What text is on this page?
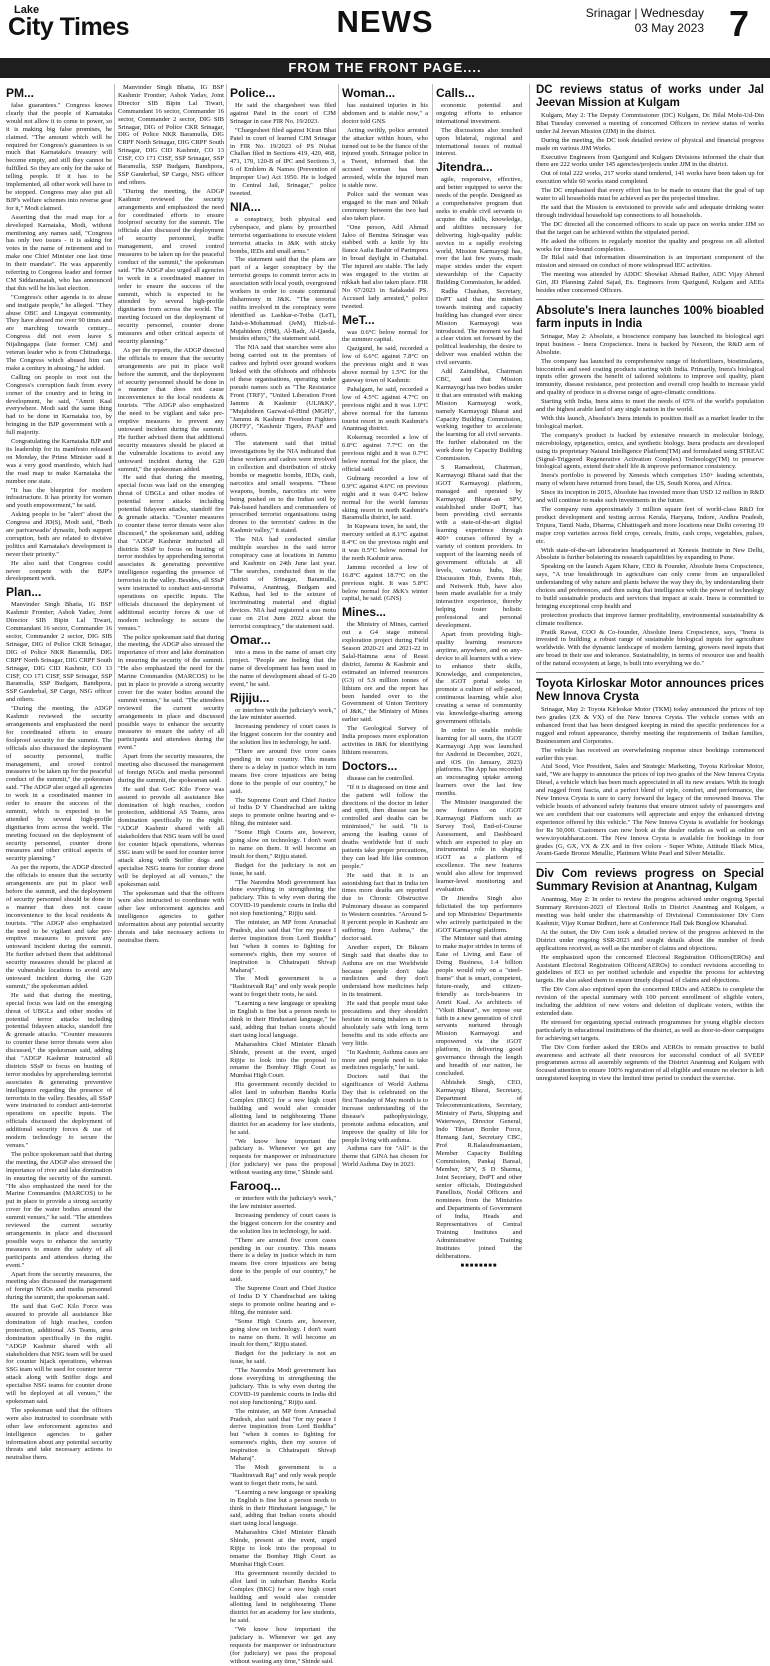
Lake
City Times	NEWS	Srinagar | Wednesday
03 May 2023 7
FROM THE FRONT PAGE....
PM...

false guarantees." Congress knows clearly that the people of Karnataka would not allow it to come to power, so it is making big false promises, he claimed. "The amount which will be required for Congress's guarantees is so much that Karnataka's treasury will become empty, and still they cannot be fulfilled. So they are only for the sake of telling people. If it has to be implemented, all other work will have to be stopped. Congress may also put all BJP's welfare schemes into reverse gear for it," Modi claimed.

Asserting that the road map for a developed Karnataka, Modi, without mentioning any names said, "Congress has only two issues - it is asking for votes in the name of retirement and to make one Chief Minister one last time in their mandate". He was apparently referring to Congress leader and former CM Siddaramaiah, who has announced that this will be his last election.

"Congress's other agenda is to abuse and instigate people," he alleged. "They abuse OBC and Lingayat community. They have abused me over 90 times and are marching towards century... Congress did not even leave S Nijalingappa (late former CM) and veteran leader who is from Chitradurga. The Congress which abused him can make a century in abusing," he added.

Calling on people to root out the Congress's corruption fault from every corner of the country and to bring in development, he said, "Amrit Kaal everywhere. Modi said the same thing had to be done in Karnataka too, by bringing in the BJP government with a full majority.

Congratulating the Karnataka BJP and its leadership for its manifesto released on Monday, the Prime Minister said it was a very good manifesto, which had the road map to make Karnataka the number one state.

"It has the blueprint for modern infrastructure. It has priority for women and youth empowerment," he said.

Asking people to be "alert" about the Congress and JD(S), Modi said, "Both are parivarwadis' dynastic, both support corruption, both are related to divisive politics and Karnataka's development is never their priority."

He also said that Congress could never compete with the BJP's development work.

Plan...

Manvinder Singh Bhatia, IG BSF Kashmir Frontier; Ashok Yadav, Joint Director SIB Bipin Lal Tiwari, Commandant 16 sector, Commander 16 sector, Commander 2 sector, DIG SIB Srinagar, DIG of Police CKR Srinagar, DIG of Police NKR Baramulla, DIG CRPF North Srinagar, DIG CRPF South Srinagar, DIG CID Kashmir, CO 13 CISF, CO 171 CISF, SSP Srinagar, SSP Baramulla, SSP Budgam, Bandipora, SSP Ganderbal, SP Cargo, NSG officer and others.

"During the meeting, the ADGP Kashmir reviewed the security arrangements and emphasized the need for coordinated efforts to ensure foolproof security for the summit. The officials also discussed the deployment of security personnel, traffic management, and crowd control measures to be taken up for the peaceful conduct of the summit," the spokesman said. "The ADGP also urged all agencies to work in a coordinated manner in order to ensure the success of the summit, which is expected to be attended by several high-profile dignitaries from across the world. The meeting focused on the deployment of security personnel, counter drone measures and other critical aspects of security planning."

As per the reports, the ADGP directed the officials to ensure that the security arrangements are put in place well before the summit, and the deployment of security personnel should be done in a manner that does not cause inconvenience to the local residents & tourists. "The ADGP also emphasized the need to be vigilant and take pre-emptive measures to prevent any untoward incident during the summit. He further advised them that additional security measures should be placed at the vulnerable locations to avoid any untoward incident during the G20 summit," the spokesman added.

He said that during the meeting, special focus was laid on the emerging threat of UBGLs and other modes of potential terror attacks including potential fidayeen attacks, standoff fire & grenade attacks. "Counter measures to counter these terror threats were also discussed," the spokesman said, adding that "ADGP Kashmir instructed all districts SSsP to focus on busting of terror modules by apprehending terrorist associates & generating preventive intelligence regarding the presence of terrorists in the valley. Besides, all SSsP were instructed to conduct anti-terrorist operations on specific inputs. The officials discussed the deployment of additional security forces & use of modern technology to secure the venues."

The police spokesman said that during the meeting, the ADGP also stressed the importance of river and lake domination in ensuring the security of the summit. "He also emphasized the need for the Marine Commandos (MARCOS) to be put in place to provide a strong security cover for the water bodies around the summit venues," he said. "The attendees reviewed the current security arrangements in place and discussed possible ways to enhance the security measures to ensure the safety of all participants and attendees during the event."

Apart from the security measures, the meeting also discussed the management of foreign NGOs and media personnel during the summit, the spokesman said.

He said that GoC Kilo Force was assured to provide all assistance like domination of high reaches, cordon protection, additional AS Teams, area domination specifically in the night. "ADGP Kashmir shared with all stakeholders that NSG team will be used for counter hijack operations, whereas SSG team will be used for counter terror attack along with Sniffer dogs and specialise NSG teams for counter drone will be deployed at all venues," the spokesman said.

The spokesman said that the officers were also instructed to coordinate with other law enforcement agencies and intelligence agencies to gather information about any potential security threats and take necessary actions to neutralise them.

Manvinder Singh Bhatia, IG BSF Kashmir Frontier; Ashok Yadav, Joint Director SIB Bipin Lal Tiwari, Commandant 16 sector, Commander 16 sector, Commander 2 sector, DIG SIB Srinagar, DIG of Police CKR Srinagar, DIG of Police NKR Baramulla, DIG CRPF North Srinagar, DIG CRPF South Srinagar, DIG CID Kashmir, CO 13 CISF, CO 171 CISF, SSP Srinagar, SSP Baramulla, SSP Budgam, Bandipora, SSP Ganderbal, SP Cargo, NSG officer and others.

"During the meeting, the ADGP Kashmir reviewed the security arrangements and emphasized the need for coordinated efforts to ensure foolproof security for the summit. The officials also discussed the deployment of security personnel, traffic management, and crowd control measures to be taken up for the peaceful conduct of the summit," the spokesman said. "The ADGP also urged all agencies to work in a coordinated manner in order to ensure the success of the summit, which is expected to be attended by several high-profile dignitaries from across the world. The meeting focused on the deployment of security personnel, counter drone measures and other critical aspects of security planning."

As per the reports, the ADGP directed the officials to ensure that the security arrangements are put in place well before the summit, and the deployment of security personnel should be done in a manner that does not cause inconvenience to the local residents & tourists. "The ADGP also emphasized the need to be vigilant and take pre-emptive measures to prevent any untoward incident during the summit. He further advised them that additional security measures should be placed at the vulnerable locations to avoid any untoward incident during the G20 summit," the spokesman added.

He said that during the meeting, special focus was laid on the emerging threat of UBGLs and other modes of potential terror attacks including potential fidayeen attacks, standoff fire & grenade attacks. "Counter measures to counter these terror threats were also discussed," the spokesman said, adding that "ADGP Kashmir instructed all districts SSsP to focus on busting of terror modules by apprehending terrorist associates & generating preventive intelligence regarding the presence of terrorists in the valley. Besides, all SSsP were instructed to conduct anti-terrorist operations on specific inputs. The officials discussed the deployment of additional security forces & use of modern technology to secure the venues."

The police spokesman said that during the meeting, the ADGP also stressed the importance of river and lake domination in ensuring the security of the summit. "He also emphasized the need for the Marine Commandos (MARCOS) to be put in place to provide a strong security cover for the water bodies around the summit venues," he said. "The attendees reviewed the current security arrangements in place and discussed possible ways to enhance the security measures to ensure the safety of all participants and attendees during the event."

Apart from the security measures, the meeting also discussed the management of foreign NGOs and media personnel during the summit, the spokesman said.

He said that GoC Kilo Force was assured to provide all assistance like domination of high reaches, cordon protection, additional AS Teams, area domination specifically in the night. "ADGP Kashmir shared with all stakeholders that NSG team will be used for counter hijack operations, whereas SSG team will be used for counter terror attack along with Sniffer dogs and specialise NSG teams for counter drone will be deployed at all venues," the spokesman said.

The spokesman said that the officers were also instructed to coordinate with other law enforcement agencies and intelligence agencies to gather information about any potential security threats and take necessary actions to neutralise them.

Police...

He said the chargesheet was filed against Patel in the court of CJM Srinagar in case FIR No. 19/2023.

"Chargesheet filed against Kiran Bhai Patel in court of learned CJM Srinagar in FIR No. 19/2023 of PS Nishat Challan filed in Sections 419, 420, 468, 471, 170, 120-B of IPC and Sections 3, 6 of Emblem & Names (Prevention of Improper Use) Act 1950. He is lodged in Central Jail, Srinagar," police tweeted.

NIA...

a conspiracy, both physical and cyberspace, and plans by proscribed terrorist organisations to execute violent terrorist attacks in J&K with sticky bombs, IEDs and small arms."

The statement said that the plans are part of a larger conspiracy by the terrorist groups to commit terror acts in association with local youth, overground workers in order to create communal disharmony in J&K. "The terrorist outfits involved in the conspiracy were identified as Lashkar-e-Toiba (LeT), Jaish-e-Mohammad (JeM), Hizb-ul-Mujahideen (HM), Al-Badr, Al-Qaeda, besides others," the statement said.

The NIA said that searches were also being carried out in the premises of cadres and hybrid over ground workers linked with the offshoots and offshoots of these organisations, operating under pseudo names such as "The Resistance Front (TRF)", "United Liberation Front Jammu & Kashmir (ULJ&K)", "Mujahideen Gazwat-ul-Hind (MGH)", "Jammu & Kashmir Freedom Fighters (JKFF)", "Kashmir Tigers, PAAF and others.

The statement said that initial investigations by the NIA indicated that these workers and cadres were involved in collection and distribution of sticky bombs or magnetic bombs, IEDs, cash, narcotics and small weapons. "These weapons, bombs, narcotics etc were being pushed on to the Indian soil by Pak-based handlers and commanders of proscribed terrorist organisations using drones to the terrorists' cadres in the Kashmir valley," it stated.

The NIA had conducted similar multiple searches in the said terror conspiracy case at locations in Jammu and Kashmir on 24th June last year. "The searches, conducted then in the district of Srinagar, Baramulla, Pulwama, Anantnag, Budgam and Kathua, had led to the seizure of incriminating material and digital devices. NIA had registered a suo motu case on 21st June 2022 about the terrorist conspiracy," the statement said.

Omar...

into a mess in the name of smart city project. "People are feeling that the name of development has been used in the name of development ahead of G-20 event," he said.

Rijiju...

or interfere with the judiciary's work," the law minister asserted.

Increasing pendency of court cases is the biggest concern for the country and the solution lies in technology, he said.

"There are around five crore cases pending in our country. This means there is a delay in justice which in turn means five crore injustices are being done to the people of our country," he said.

The Supreme Court and Chief Justice of India D Y Chandrachud are taking steps to promote online hearing and e-filing, the minister said.

"Some High Courts are, however, going slow on technology. I don't want to name on them. It will become an insult for them," Rijiju stated.

Budget for the judiciary is not an issue, he said.

"The Narendra Modi government has done everything in strengthening the judiciary. This is why even during the COVID-19 pandemic courts in India did not stop functioning," Rijiju said.

The minister, an MP from Arunachal Pradesh, also said that "for my peace I derive inspiration from Lord Buddha" but "when it comes to fighting for someone's rights, then my source of inspiration is Chhatrapati Shivaji Maharaj".

The Modi government is a "Rashtravadi Raj" and only weak people want to forget their roots, he said.

"Learning a new language or speaking in English is fine but a person needs to think in their Hindustani language," he said, adding that Indian courts should start using local language.

Maharashtra Chief Minister Eknath Shinde, present at the event, urged Rijiju to look into the proposal to rename the Bombay High Court as Mumbai High Court.

His government recently decided to allot land in suburban Bandra Kurla Complex (BKC) for a new high court building and would also consider allotting land in neighbouring Thane district for an academy for law students, he said.

"We know how important the judiciary is. Whenever we get any requests for manpower or infrastructure (for judiciary) we pass the proposal without wasting any time," Shinde said.

Farooq...

or interfere with the judiciary's work," the law minister asserted.

Increasing pendency of court cases is the biggest concern for the country and the solution lies in technology, he said.

"There are around five crore cases pending in our country. This means there is a delay in justice which in turn means five crore injustices are being done to the people of our country," he said.

The Supreme Court and Chief Justice of India D Y Chandrachud are taking steps to promote online hearing and e-filing, the minister said.

"Some High Courts are, however, going slow on technology. I don't want to name on them. It will become an insult for them," Rijiju stated.

Budget for the judiciary is not an issue, he said.

"The Narendra Modi government has done everything in strengthening the judiciary. This is why even during the COVID-19 pandemic courts in India did not stop functioning," Rijiju said.

The minister, an MP from Arunachal Pradesh, also said that "for my peace I derive inspiration from Lord Buddha" but "when it comes to fighting for someone's rights, then my source of inspiration is Chhatrapati Shivaji Maharaj".

The Modi government is a "Rashtravadi Raj" and only weak people want to forget their roots, he said.

"Learning a new language or speaking in English is fine but a person needs to think in their Hindustani language," he said, adding that Indian courts should start using local language.

Maharashtra Chief Minister Eknath Shinde, present at the event, urged Rijiju to look into the proposal to rename the Bombay High Court as Mumbai High Court.

His government recently decided to allot land in suburban Bandra Kurla Complex (BKC) for a new high court building and would also consider allotting land in neighbouring Thane district for an academy for law students, he said.

"We know how important the judiciary is. Whenever we get any requests for manpower or infrastructure (for judiciary) we pass the proposal without wasting any time," Shinde said.

Woman...

has sustained injuries in his abdomen and is stable now," a doctor told GNS.

Acting swiftly, police arrested the attacker within hours, who turned out to be the fiance of the injured youth. Srinagar police in a Tweet, informed that the accused woman has been arrested, while the injured man is stable now.

Police said the woman was engaged to the man and Nikah ceremony between the two had also taken place.

"One person, Adil Ahmad Jaloo of Bemina Srinagar was stabbed with a knife by his fiance Aafia Bashir of Parimpora in broad daylight in Chattabal. The injured are stable. The lady was engaged to the victim at nikkah had also taken place. FIR No 67/2023 in Safakadal PS. Accused lady arrested," police tweeted.

MeT...

was 0.6°C below normal for the summer capital.

Qazigund, he said, recorded a low of 6.6°C against 7.8°C on the previous night and it was above normal by 1.5°C for the gateway town of Kashmir.

Pahalgam, he said, recorded a low of 4.5°C against 4.7°C on previous night and it was 1.0°C above normal for the famous tourist resort in south Kashmir's Anantnag district.

Kokernag recorded a low of 6.8°C against 7.7°C on the previous night and it was 0.7°C below normal for the place, the official said.

Gulmarg recorded a low of 0.9°C against 4.6°C on previous night and it was 0.4°C below normal for the world famous skiing resort in north Kashmir's Baramulla district, he said.

In Kupwara town, he said, the mercury settled at 8.1°C against 8.4°C on the previous night and it was 0.5°C below normal for the north Kashmir area.

Jammu recorded a low of 16.8°C against 18.7°C on the previous night. It was 5.8°C below normal for J&K's winter capital, he said. (GNS)

Mines...

the Ministry of Mines, carried out a G4 stage mineral exploration project during Field Season 2020-21 and 2021-22 in Salal-Haimna area of Reasi district, Jammu & Kashmir and estimated an inferred resources (G3) of 5.9 million tonnes of lithium ore and the report has been handed over to the Government of Union Territory of J&K," the Ministry of Mines earlier said.

The Geological Survey of India proposes more exploration activities in J&K for identifying lithium resources.

Doctors...

disease can be controlled.

"If it is diagnosed on time and the patient will follow the directions of the doctor in letter and spirit, then disease can be controlled and deaths can be minimised," he said. "It is among the leading cause of deaths worldwide but if such patients take proper precautions, they can lead life like common people."

He said that it is an astonishing fact that in India ten times more deaths are reported due to Chronic Obstructive Pulmonary disease as compared to Western countries. "Around 5-8 percent people in Kashmir are suffering from Asthma," the doctor said.

Another expert, Dr Bikram Singh said that deaths due to Asthma are on rise Worldwide because people don't take medicines and they don't understand how medicines help in its treatment.

He said that people must take precautions and they shouldn't hesitate in using inhalers as it is absolutely safe with long term benefits and its side effects are very little.

"In Kashmir, Asthma cases are more and people need to take medicines regularly," he said.

Doctors said that the significance of World Asthma Day that is celebrated on the first Tuesday of May month is to increase understanding of the disease's pathophysiology, promote asthma education, and improve the quality of life for people living with asthma.

Asthma care for "All" is the theme that GINA has chosen for World Asthma Day in 2023.

Calls...

economic potential and ongoing efforts to enhance international investment.

The discussions also touched upon bilateral, regional and international issues of mutual interest.

Jitendra...

agile, responsive, effective, and better equipped to serve the needs of the people. Designed as a comprehensive program that seeks to enable civil servants to acquire the skills, knowledge, and abilities necessary for delivering high-quality public service in a rapidly evolving world, Mission Karmayogi has, over the last few years, made major strides under the expert stewardship of the Capacity Building Commission, he added.

Radha Chauhan, Secretary, DoPT said that the mindset towards training and capacity building has changed ever since Mission Karmayogi was introduced. The moment we had a clear vision set forward by the political leadership, the desire to deliver was enabled within the civil servants.

Adil Zainulbhai, Chairman CBC, said that Mission Karmayogi has two bodies under it that are entrusted with making Mission Karmayogi work, namely Karmayogi Bharat and Capacity Building Commission, working together to accelerate the learning for all civil servants. He further elaborated on the work done by Capacity Building Commission.

S Ramadorai, Chairman, Karmayogi Bharat said that the iGOT Karmayogi platform, managed and operated by Karmayogi Bharat-an SPV, established under DoPT, has been providing civil servants with a state-of-the-art digital learning experience through 400+ courses offered by a variety of content providers. In support of the learning needs of government officials at all levels, various hubs, like Discussion Hub, Events Hub, and Network Hub, have also been made available for a truly interactive experience, thereby helping foster holistic professional and personal development.

Apart from providing high-quality learning resources anytime, anywhere, and on any-device to all learners with a view to enhance their skills, Knowledge, and competencies, the iGOT portal seeks to promote a culture of self-paced, continuous learning, while also creating a sense of community via knowledge-sharing among government officials.

In order to enable mobile learning for all users, the iGOT Karmayogi App was launched for Android in December, 2021, and iOS (in January, 2023) platforms. The App has recorded an encouraging uptake among learners over the last few months.

The Minister inaugurated the new features on iGOT Karmayogi Platform such as Survey Tool, End-of-Course Assessment, and Dashboard which are expected to play an instrumental role in shaping iGOT as a platform of excellence. The new features would also allow for improved learner-level monitoring and evaluation.

Dr Jitendra Singh also felicitated the top performers and top Ministries/ Departments who actively participated in the iGOT Karmayogi platform.

The Minister said that aiming to make major strides in terms of Ease of Living and Ease of Doing Business, 1.4 billion people would rely on a "steel-frame" that is smart, competent, future-ready, and citizen-friendly as torch-bearers in Amrit Kaal. As architects of "Viksit Bharat", we repose our faith in a new generation of civil servants nurtured through Mission Karmayogi and empowered via the iGOT platform, in delivering good governance through the length and breadth of our nation, he concluded.

Abhishek Singh, CEO, Karmayogi Bharat, Secretary, Department of Telecommunications, Secretary, Ministry of Parts, Shipping and Waterways, Director General, Indo Tibetan Border Force, Hemang Jani, Secretary CBC, Prof R.Balasubramaniam, Member Capacity Building Commission, Pankaj Bansal, Member, SFV, S D Sharma, Joint Secretary, DoPT and other senior officials, Distinguished Panellists, Nodal Officers and nominees from the Ministries and Departments of Government of India, Heads and Representatives of Central Training Institutes and Administrative Training Institutes joined the deliberations.

■■■■■■■■
DC reviews status of works under Jal Jeevan Mission at Kulgam

Kulgam, May 2: The Deputy Commissioner (DC) Kulgam, Dr. Bilal Mohi-Ud-Din Bhat Tuesday convened a meeting of concerned Officers to review status of works under Jal Jeevan Mission (JJM) in the district.

During the meeting, the DC took detailed review of physical and financial progress made on various JJM Works.

Executive Engineers from Qazigund and Kulgam Divisions informed the chair that there are 222 works under 145 agencies/projects under JJM in the district.

Out of total 222 works, 217 works stand tendered, 141 works have been taken up for execution while 60 works stand completed.

The DC emphasised that every effort has to be made to ensure that the goal of tap water to all households must be achieved as per the projected timeline.

He said that the Mission is envisioned to provide safe and adequate drinking water through individual household tap connections to all households.

The DC directed all the concerned officers to scale up pace on works under JJM so that the target can be achieved within the stipulated period.

He asked the officers to regularly monitor the quality and progress on all allotted works for time-bound completion.

Dr Bilal said that information dissemination is an important component of the mission and stressed on conduct of more widespread IEC activities.

The meeting was attended by ADDC Showkat Ahmad Rather, ADC Vijay Ahmed Giri, JD Planning Zahid Sajad, Ex. Engineers from Qazigund, Kulgam and AEEs besides other concerned Officers.

Absolute's Inera launches 100% bioabled farm inputs in India

Srinagar, May 2: Absolute, a bioscience company has launched its biological agri input business - Inera Cropscience. Inera is backed by Nexeon, the R&D arm of Absolute.

The company has launched its comprehensive range of biofertilisers, biostimulants, biocontrols and seed coating products starting with India. Primarily, Inera's biological inputs offer growers the benefit of tailored solutions to improve soil quality, plant immunity, disease resistance, pest protection and overall crop health to increase yield and quality of produce in a diverse range of agro-climatic conditions.

Starting with India, Inera aims to meet the needs of 65% of the world's population and the highest arable land of any single nation in the world.

With this launch, Absolute's Inera intends to position itself as a market leader in the biological market.

The company's product is backed by extensive research in molecular biology, microbiology, epigenetics, omics, and synthetic biology. Inera products are developed using its proprietary Natural Intelligence Platform(TM) and formulated using STREAC (Signal-Triggered Regenerative Activation Complex) Technology(TM) to preserve biological agents, extend their shelf life & improve performance consistency.

Inera's portfolio is powered by Xenesis which comprises 150+ leading scientists, many of whom have returned from Israel, the US, South Korea, and Africa.

Since its inception in 2015, Absolute has invested more than USD 12 million in R&D and will continue to make such investments in the future.

The company runs approximately 3 million square feet of world-class R&D for product development and testing across Kerala, Haryana, Indore, Andhra Pradesh, Tripura, Tamil Nadu, Dharma, Chhattisgarh and more locations near Delhi covering 19 major crop varieties across field crops, cereals, fruits, cash crops, vegetables, pulses, etc.

With state-of-the-art laboratories headquartered at Xenesis Institute in New Delhi, Absolute is further bolstering its research capabilities by expanding to Pune.

Speaking on the launch Agam Khare, CEO & Founder, Absolute Inera Cropscience, says, "A true breakthrough in agriculture can only come from an unparalleled understanding of why nature and plants behave the way they do, by understanding their choices and preferences, and then using that intelligence with the power of technology to build sustainable products and services that impact at scale. Inera is committed to bringing exceptional crop health and

protection products that improve farmer profitability, environmental sustainability & climate resilience.

Pratik Rawat, COO & Co-founder, Absolute Inera Cropscience, says, "Inera is invested in building a robust range of sustainable biological inputs for agriculture worldwide. With the dynamic landscape of modern farming, growers need inputs that are broad in their use and tolerance. Sustainability, in terms of resource use and health of the natural ecosystem at large, is built into everything we do."

Toyota Kirloskar Motor announces prices New Innova Crysta

Srinagar, May 2: Toyota Kirloskar Motor (TKM) today announced the prices of top two grades (ZX & VX) of the New Innova Crysta. The vehicle comes with an enhanced front that has been designed keeping in mind the specific preferences for a rugged and robust appearance, thereby meeting the requirements of Indian families, Businessmen and Corporates.

The vehicle has received an overwhelming response since bookings commenced earlier this year.

Atul Sood, Vice President, Sales and Strategic Marketing, Toyota Kirloskar Motor, said, "We are happy to announce the prices of top two grades of the New Innova Crysta Diesel, a vehicle which has been much appreciated in all its new avatars. With its tough and rugged front fascia, and a perfect blend of style, comfort, and performance, the New Innova Crysta is sure to carry forward the legacy of the renowned Innova. The vehicle boasts of advanced safety features that ensure utmost safety of passengers and we are confident that our customers will appreciate and enjoy the enhanced driving experience offered by this vehicle." The New Innova Crysta is available for bookings for Rs 50,000. Customers can now book at the dealer outlets as well as online on www.toyotabharat.com. The New Innova Crysta is available for bookings in four grades (G, GX, VX & ZX and in five colors - Super White, Attitude Black Mica, Avant-Garde Bronze Metallic, Platinum White Pearl and Silver Metallic.

Div Com reviews progress on Special Summary Revision at Anantnag, Kulgam

Anantnag, May 2: In order to review the progress achieved under ongoing Special Summary Revision-2023 of Electoral Rolls in District Anantnag and Kulgam, a meeting was held under the chairmanship of Divisional Commissioner Div Com Kashmir, Vijay Kumar Bidhuri, here at Conference Hall Dak Bunglow Khanabal.

At the outset, the Div Com took a detailed review of the progress achieved in the District under ongoing SSR-2023 and sought details about the number of fresh applications received, as well as the number of claims and objections.

He emphasized upon the concerned Electoral Registration Officers(EROs) and Assistant Electoral Registration Officers(AEROs) to conduct revisions according to guidelines of ECI so per notified schedule and expedite the process for achieving targets. He also asked them to ensure timely disposal of claims and objections.

The Div Com also enjoined upon the concerned EROs and AEROs to complete the revision of the special summary with 100 percent enrollment of eligible voters, including the addition of new voters and deletion of duplicate voters, within the extended date.

He stressed for organizing special outreach programmes for young eligible electors particularly in educational institutions of the district, as well as door-to-door campaigns for achieving set targets.

The Div Com further asked the EROs and AEROs to remain proactive to build awareness and activate all their resources for successful conduct of all SVEEP programmes across all assembly segments of the District Anantnag and Kulgam with focused attention to ensure 100% registration of all eligible and ensure no elector is left unregistered keeping in view the limited time period to conduct the exercise.
